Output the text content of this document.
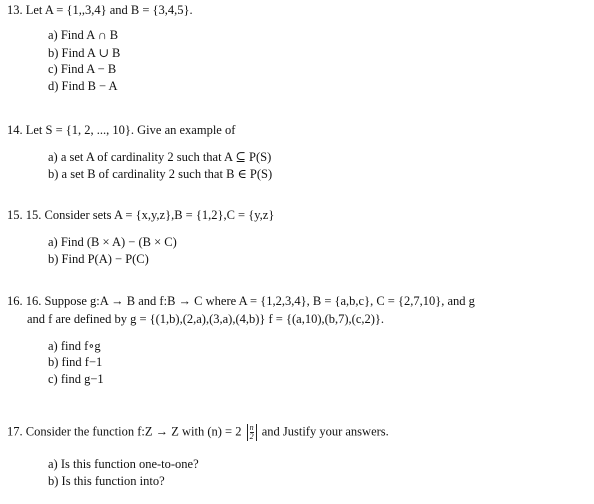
13. Let A = {1,,3,4} and B = {3,4,5}.
a) Find A ∩ B
b) Find A ∪ B
c) Find A − B
d) Find B − A
14. Let S = {1, 2, ..., 10}. Give an example of
a) a set A of cardinality 2 such that A ⊆ P(S)
b) a set B of cardinality 2 such that B ∈ P(S)
15. 15. Consider sets A = {x,y,z},B = {1,2},C = {y,z}
a) Find (B × A) − (B × C)
b) Find P(A) − P(C)
16. 16. Suppose g:A → B and f:B → C where A = {1,2,3,4}, B = {a,b,c}, C = {2,7,10}, and g
and f are defined by g = {(1,b),(2,a),(3,a),(4,b)} f = {(a,10),(b,7),(c,2)}.
a) find f∘g
b) find f−1
c) find g−1
17. Consider the function f:Z → Z with $(n) = 2 \frac{n}{2}$ and Justify your answers.
a) Is this function one-to-one?
b) Is this function into?
